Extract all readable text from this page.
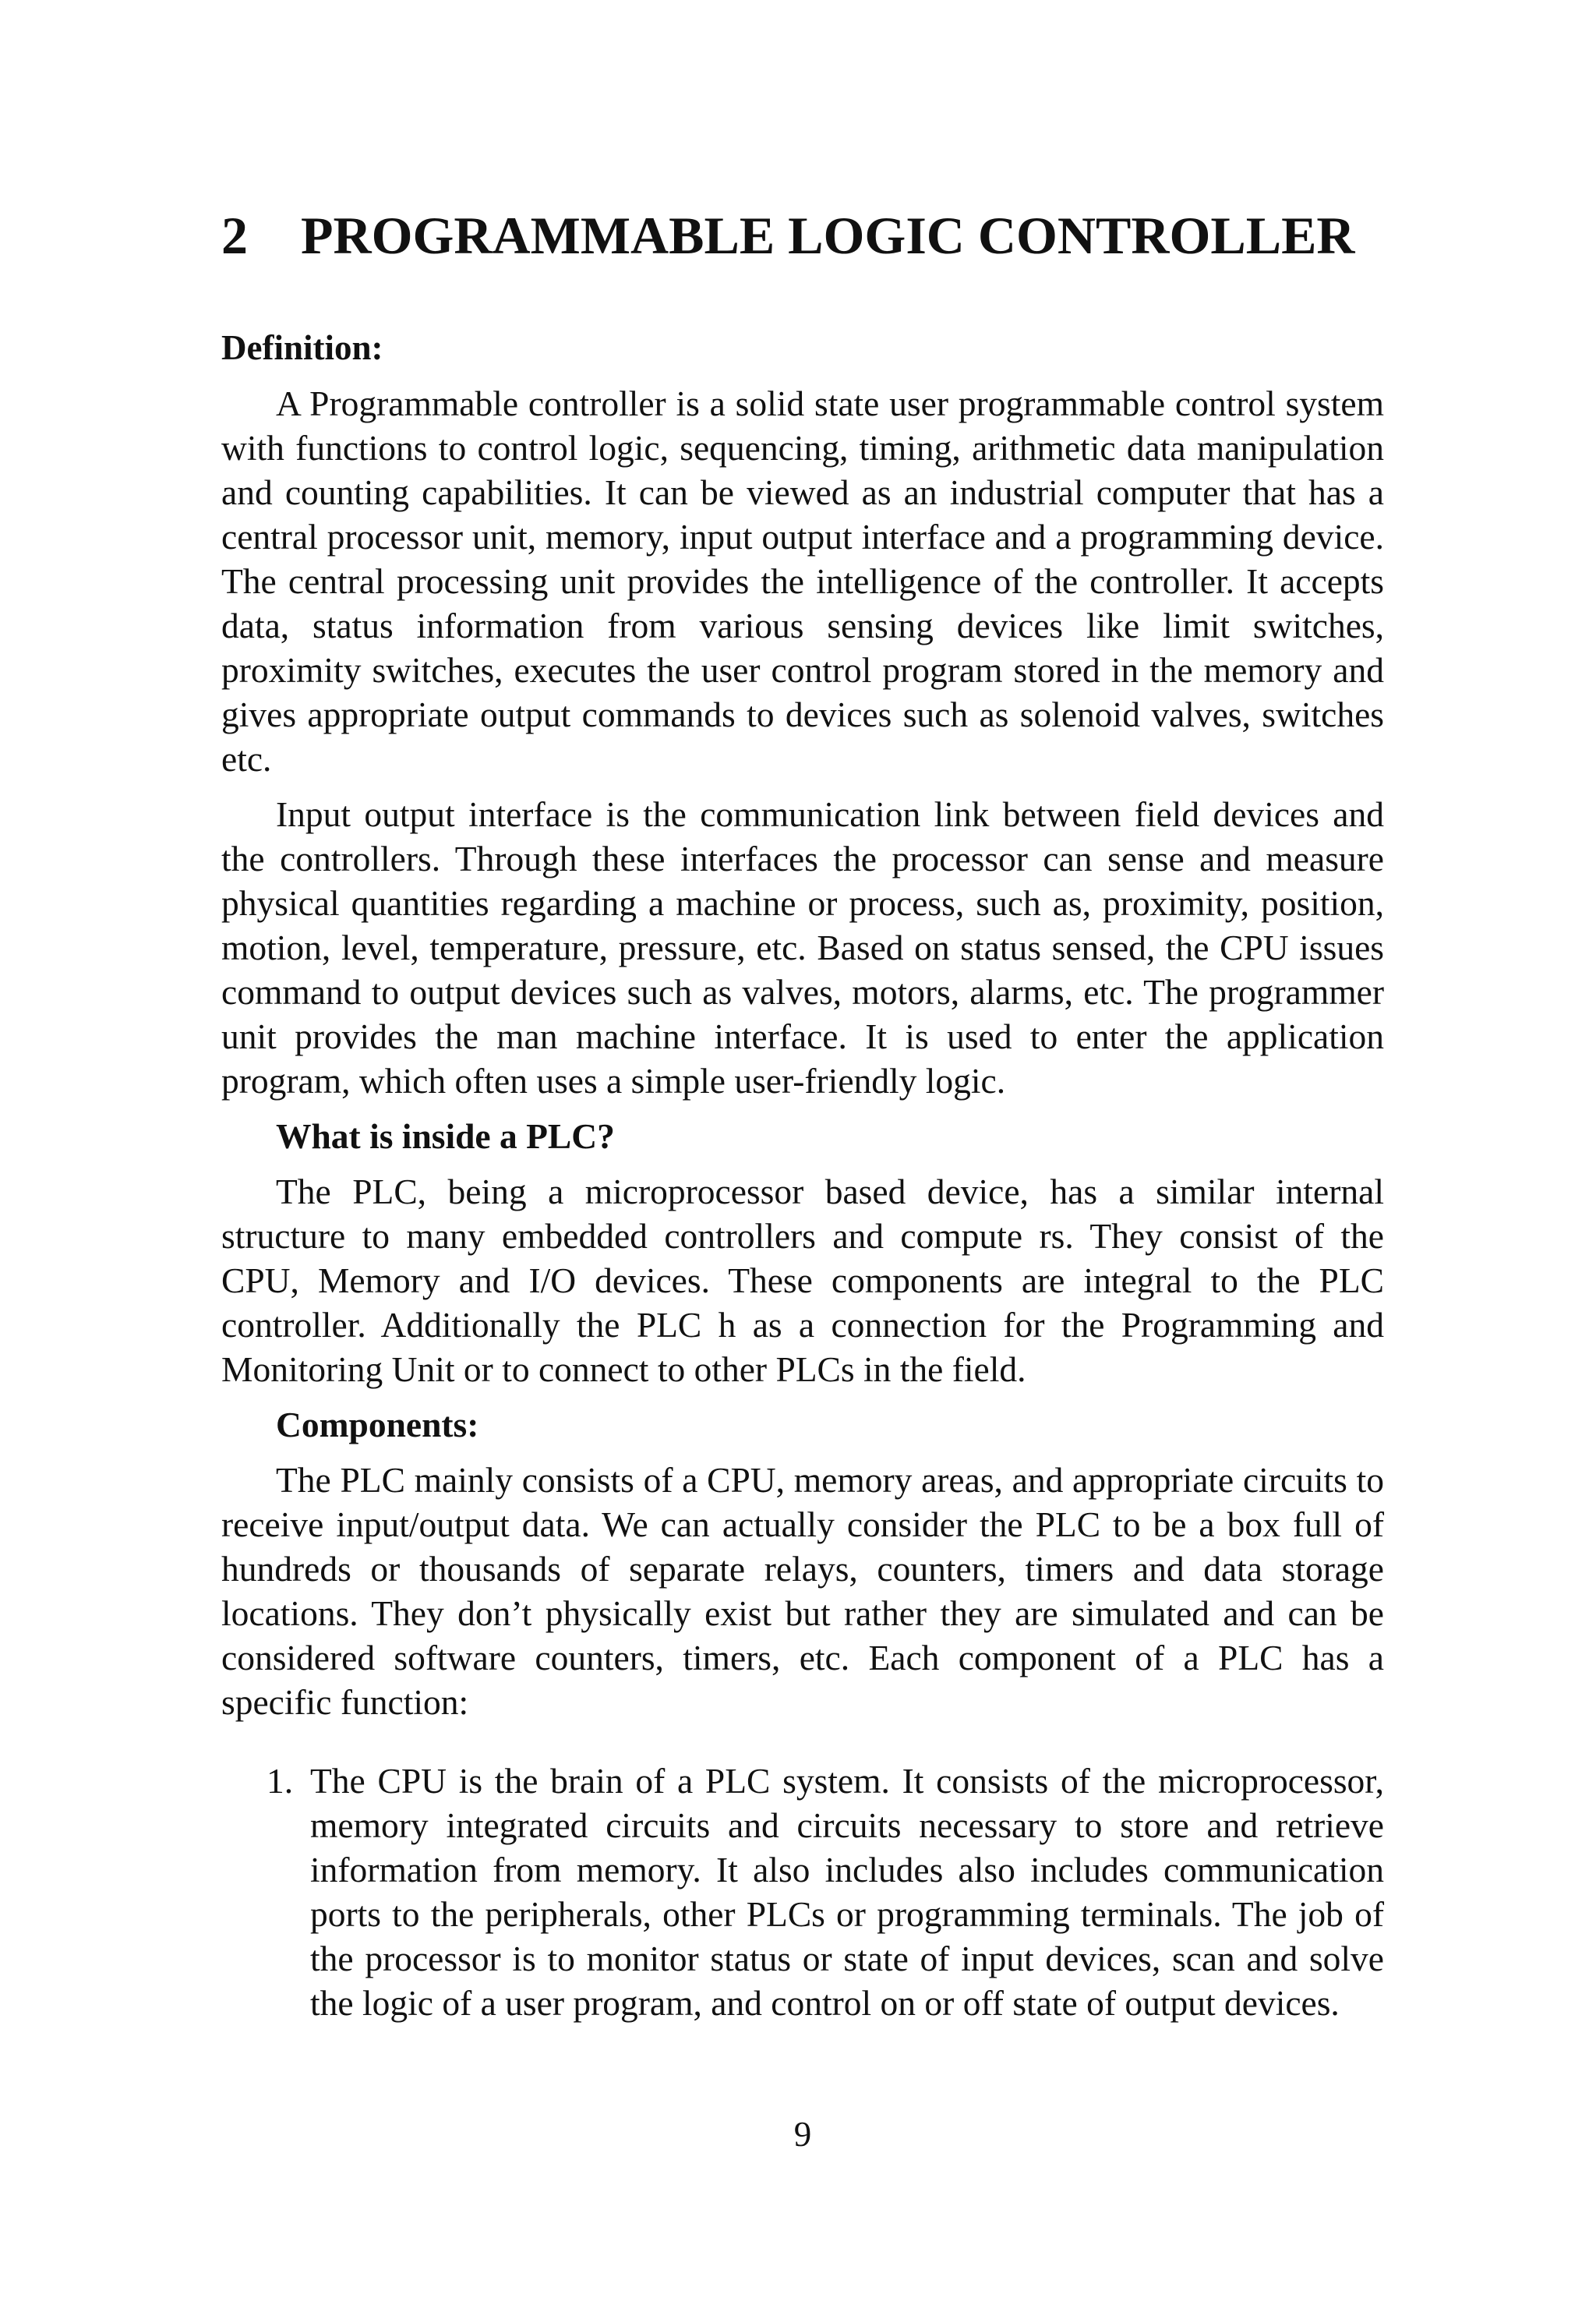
2 PROGRAMMABLE LOGIC CONTROLLER
Definition:

A Programmable controller is a solid state user programmable control system with functions to control logic, sequencing, timing, arithmetic data manipulation and counting capabilities. It can be viewed as an industrial computer that has a central processor unit, memory, input output interface and a programming device. The central processing unit provides the intelligence of the controller. It accepts data, status information from various sensing devices like limit switches, proximity switches, executes the user control program stored in the memory and gives appropriate output commands to devices such as solenoid valves, switches etc.

Input output interface is the communication link between field devices and the controllers. Through these interfaces the processor can sense and measure physical quantities regarding a machine or process, such as, proximity, position, motion, level, temperature, pressure, etc. Based on status sensed, the CPU issues command to output devices such as valves, motors, alarms, etc. The programmer unit provides the man machine interface. It is used to enter the application program, which often uses a simple user-friendly logic.

What is inside a PLC?

The PLC, being a microprocessor based device, has a similar internal structure to many embedded controllers and compute rs. They consist of the CPU, Memory and I/O devices. These components are integral to the PLC controller. Additionally the PLC h as a connection for the Programming and Monitoring Unit or to connect to other PLCs in the field.

Components:

The PLC mainly consists of a CPU, memory areas, and appropriate circuits to receive input/output data. We can actually consider the PLC to be a box full of hundreds or thousands of separate relays, counters, timers and data storage locations. They don’t physically exist but rather they are simulated and can be considered software counters, timers, etc. Each component of a PLC has a specific function:

1. The CPU is the brain of a PLC system. It consists of the microprocessor, memory integrated circuits and circuits necessary to store and retrieve information from memory. It also includes also includes communication ports to the peripherals, other PLCs or programming terminals. The job of the processor is to monitor status or state of input devices, scan and solve the logic of a user program, and control on or off state of output devices.
9
